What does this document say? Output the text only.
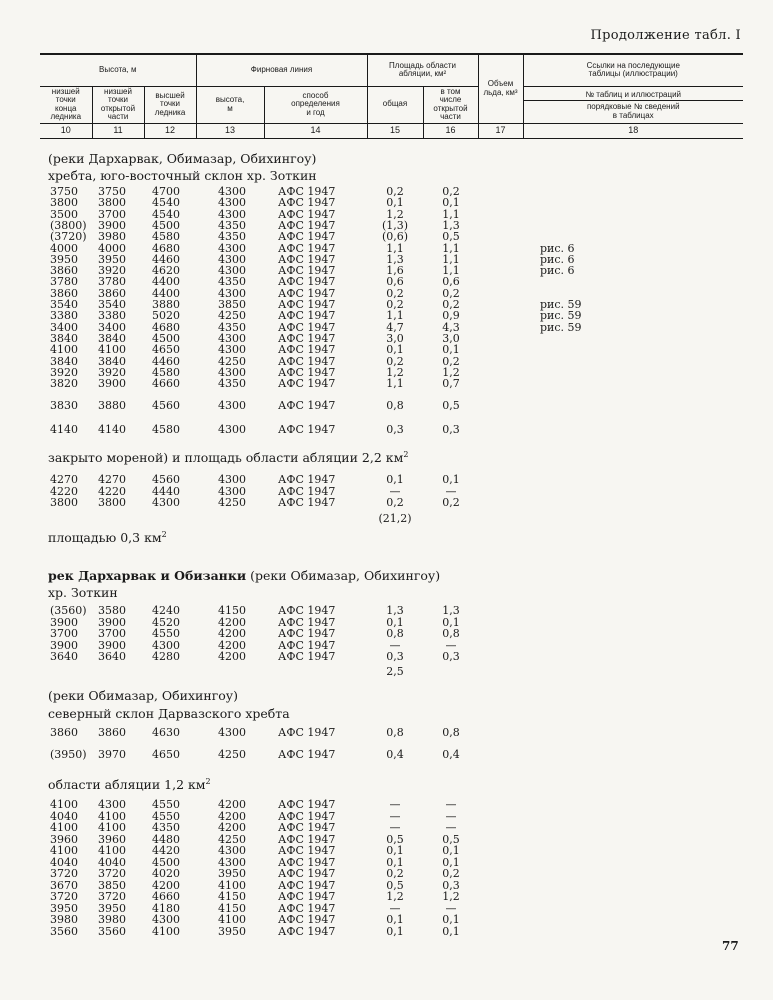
Продолжение табл. I
Высота, м			Фирновая линия		Площадь области
абляции, км²		Объем
льда, км³	Ссылки на последующие
таблицы (иллюстрации)
низшей
точки
конца
ледника	низшей
точки
открытой
части	высшей
точки
ледника	высота,
м	способ
определения
и год	общая	в том
числе
открытой
части		№ таблиц и иллюстраций
								порядковые № сведений
в таблицах
10	11	12	13	14	15	16	17	18
(реки Дархарвак, Обимазар, Обихингоу)
хребта, юго-восточный склон хр. Зоткин
закрыто мореной) и площадь области абляции 2,2 $км^2$
площадью 0,3 $км^2$
рек Дархарвак и Обизанки (реки Обимазар, Обихингоу)
хр. Зоткин
(реки Обимазар, Обихингоу)
северный склон Дарвазского хребта
области абляции 1,2 $км^2$
3750 3750 4700	4300	АФС 1947	0,2	0,2
3800 3800 4540	4300	АФС 1947	0,1	0,1
3500 3700 4540	4300	АФС 1947	1,2	1,1
(3800) 3900 4500	4350	АФС 1947	(1,3)	1,3
(3720) 3980 4580	4350	АФС 1947	(0,6)	0,5
4000 4000 4680	4300	АФС 1947	1,1	1,1	рис. 6
3950 3950 4460	4300	АФС 1947	1,3	1,1	рис. 6
3860 3920 4620	4300	АФС 1947	1,6	1,1	рис. 6
3780 3780 4400	4350	АФС 1947	0,6	0,6
3860 3860 4400	4300	АФС 1947	0,2	0,2
3540 3540 3880	3850	АФС 1947	0,2	0,2	рис. 59
3380 3380 5020	4250	АФС 1947	1,1	0,9	рис. 59
3400 3400 4680	4350	АФС 1947	4,7	4,3	рис. 59
3840 3840 4500	4300	АФС 1947	3,0	3,0
4100 4100 4650	4300	АФС 1947	0,1	0,1
3840 3840 4460	4250	АФС 1947	0,2	0,2
3920 3920 4580	4300	АФС 1947	1,2	1,2
3820 3900 4660	4350	АФС 1947	1,1	0,7
3830 3880 4560	4300	АФС 1947	0,8	0,5
4140 4140 4580	4300	АФС 1947	0,3	0,3
4270 4270 4560	4300	АФС 1947	0,1	0,1
4220 4220 4440	4300	АФС 1947	—	—
3800 3800 4300	4250	АФС 1947	0,2	0,2
(3560) 3580 4240	4150	АФС 1947	1,3	1,3
3900 3900 4520	4200	АФС 1947	0,1	0,1
3700 3700 4550	4200	АФС 1947	0,8	0,8
3900 3900 4300	4200	АФС 1947	—	—
3640 3640 4280	4200	АФС 1947	0,3	0,3
3860 3860 4630	4300	АФС 1947	0,8	0,8
(3950) 3970 4650	4250	АФС 1947	0,4	0,4
4100 4300 4550	4200	АФС 1947	—	—
4040 4100 4550	4200	АФС 1947	—	—
4100 4100 4350	4200	АФС 1947	—	—
3960 3960 4480	4250	АФС 1947	0,5	0,5
4100 4100 4420	4300	АФС 1947	0,1	0,1
4040 4040 4500	4300	АФС 1947	0,1	0,1
3720 3720 4020	3950	АФС 1947	0,2	0,2
3670 3850 4200	4100	АФС 1947	0,5	0,3
3720 3720 4660	4150	АФС 1947	1,2	1,2
3950 3950 4180	4150	АФС 1947	—	—
3980 3980 4300	4100	АФС 1947	0,1	0,1
3560 3560 4100	3950	АФС 1947	0,1	0,1
(21,2)
2,5
77
